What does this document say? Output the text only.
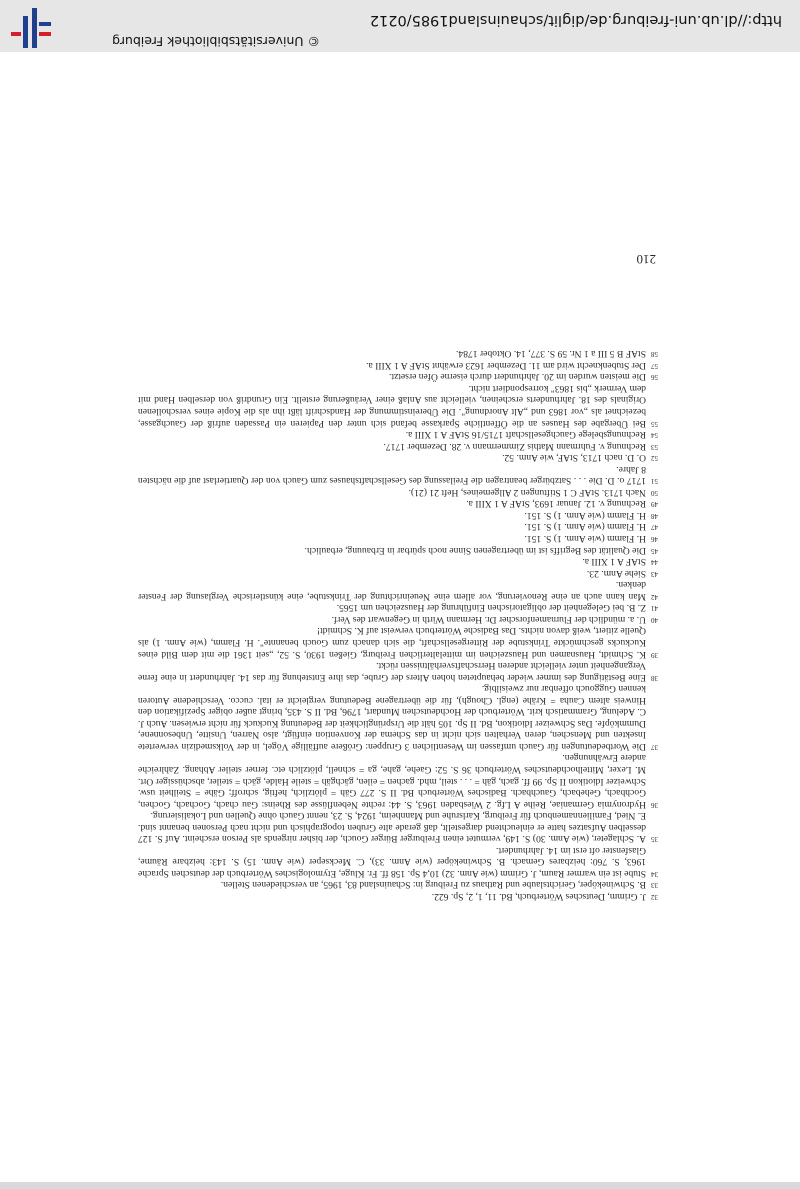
32
J. Grimm, Deutsches Wörterbuch, Bd. 11, 1, 2, Sp. 622.
33
B. Schwineköper, Gerichtslaube und Rathaus zu Freiburg in: Schauinsland 83, 1965, an verschiedenen Stellen.
34
Stube ist ein warmer Raum, J. Grimm (wie Anm. 32) 10,4 Sp. 158 ff. Fr. Kluge, Etymologisches Wörterbuch der deutschen Sprache 1963, S. 760: heizbares Gemach. B. Schwineköper (wie Anm. 33), C. Meckseper (wie Anm. 15) S. 143: heizbare Räume, Glasfenster oft erst im 14. Jahrhundert.
35
A. Schlageter, (wie Anm. 30) S. 149, vermutet einen Freiburger Bürger Gouch, der bisher nirgends als Person erscheint. Auf S. 127 desselben Aufsatzes hatte er einleuchtend dargestellt, daß gerade alte Gruben topographisch und nicht nach Personen benannt sind. E. Nied, Familiennamenbuch für Freiburg, Karlsruhe und Mannheim, 1924, S. 23, nennt Gauch ohne Quellen und Lokalisierung.
36
Hydronymia Germaniae, Reihe A Lfg. 2 Wiesbaden 1963, S. 44: rechte Nebenflüsse des Rheins: Gau chach, Gochach, Gochen, Gochbach, Gehebach, Gauchbach. Badisches Wörterbuch Bd. II S. 277 Gäh = plötzlich, heftig, schroff; Gähe = Steilheit usw. Schweizer Idiotikon II Sp. 99 ff. gach, gäh = . . . steil, mhd. gachen = eilen, gächgäh = steile Halde, gäch = steiler, abschüssiger Ort. M. Lexer, Mittelhochdeutsches Wörterbuch 36 S. 52: Gaehe, gahe, ga = schnell, plötzlich etc. ferner steiler Abhang. Zahlreiche andere Erwähnungen.
37
Die Wortbedeutungen für Gauch umfassen im Wesentlichen 3 Gruppen: Größere auffällige Vögel, in der Volksmedizin verwertete Insekten und Menschen, deren Verhalten sich nicht in das Schema der Konvention einfügt, also Narren, Unsitte, Unbesonnene, Dummköpfe. Das Schweizer Idiotikon, Bd. II Sp. 105 hält die Ursprünglichkeit der Bedeutung Kuckuck für nicht erwiesen. Auch J. C. Adelung, Grammatisch krit. Wörterbuch der Hochdeutschen Mundart, 1796, Bd. II S. 435, bringt außer obiger Spezifikation den Hinweis altem Cauha = Krähe (engl. Chough), für die übertragene Bedeutung vergleicht er ital. cucco. Verschiedene Autoren kennen Guggouch offenbar nur zweisilbig.
38
Eine Bestätigung des immer wieder behaupteten hohen Alters der Grube, das ihre Entstehung für das 14. Jahrhundert in eine ferne Vergangenheit unter vielleicht anderen Herrschaftsverhältnissen rückt.
39
K. Schmidt, Hausnamen und Hauszeichen im mittelalterlichen Freiburg, Gießen 1930, S. 52, „seit 1361 die mit dem Bild eines Kuckucks geschmückte Trinkstube der Rittergesellschaft, die sich danach zum Gouch benannte". H. Flamm, (wie Anm. 1) als Quelle zitiert, weiß davon nichts. Das Badische Wörterbuch verweist auf K. Schmidt!
40
U. a. mündlich der Flurnamenforscher Dr. Hermann Wirth in Gegenwart des Verf.
41
Z. B. bei Gelegenheit der obligatorischen Einführung der Hauszeichen um 1565.
42
Man kann auch an eine Renovierung, vor allem eine Neueinrichtung der Trinkstube, eine künstlerische Verglasung der Fenster denken.
43
Siehe Anm. 23.
44
StAF A 1 XIII a.
45
Die Qualität des Begriffs ist im übertragenen Sinne noch spürbar in Erbauung, erbaulich.
46
H. Flamm (wie Anm. 1) S. 151.
47
H. Flamm (wie Anm. 1) S. 151.
48
H. Flamm (wie Anm. 1) S. 151.
49
Rechnung v. 12. Januar 1693, StAF A 1 XIII a.
50
Nach 1713. StAF C 1 Stiftungen 2 Allgemeines, Heft 21 (21).
51
1717 o. D. Die . . . Satzbürger beantragen die Freilassung des Gesellschaftshauses zum Gauch von der Quartierlast auf die nächsten 8 Jahre.
52
O. D. nach 1713, StAF, wie Anm. 52.
53
Rechnung v. Fuhrmann Mathis Zimmermann v. 28. Dezember 1717.
54
Rechnungsbelege Gauchgesellschaft 1715/16 StAF A 1 XIII a.
55
Bei Übergabe des Hauses an die Öffentliche Sparkasse befand sich unter den Papieren ein Passaden aufriß der Gauchgasse, bezeichnet als „vor 1863 und „Alt Anordnung". Die Übereinstimmung der Handschrift läßt ihn als die Kopie eines verschollenen Originals des 18. Jahrhunderts erscheinen, vielleicht aus Anlaß einer Veräußerung erstellt. Ein Grundriß von derselben Hand mit dem Vermerk „bis 1863" korrespondiert nicht.
56
Die meisten wurden im 20. Jahrhundert durch eiserne Öfen ersetzt.
57
Der Stubenknecht wird am 11. Dezember 1623 erwähnt StAF A 1 XIII a.
58
StAF B 5 III a 1 Nr. 59 S. 377, 14. Oktober 1784.
210
© Universitätsbibliothek Freiburg
http://dl.ub.uni-freiburg.de/diglit/schauinsland1985/0212
